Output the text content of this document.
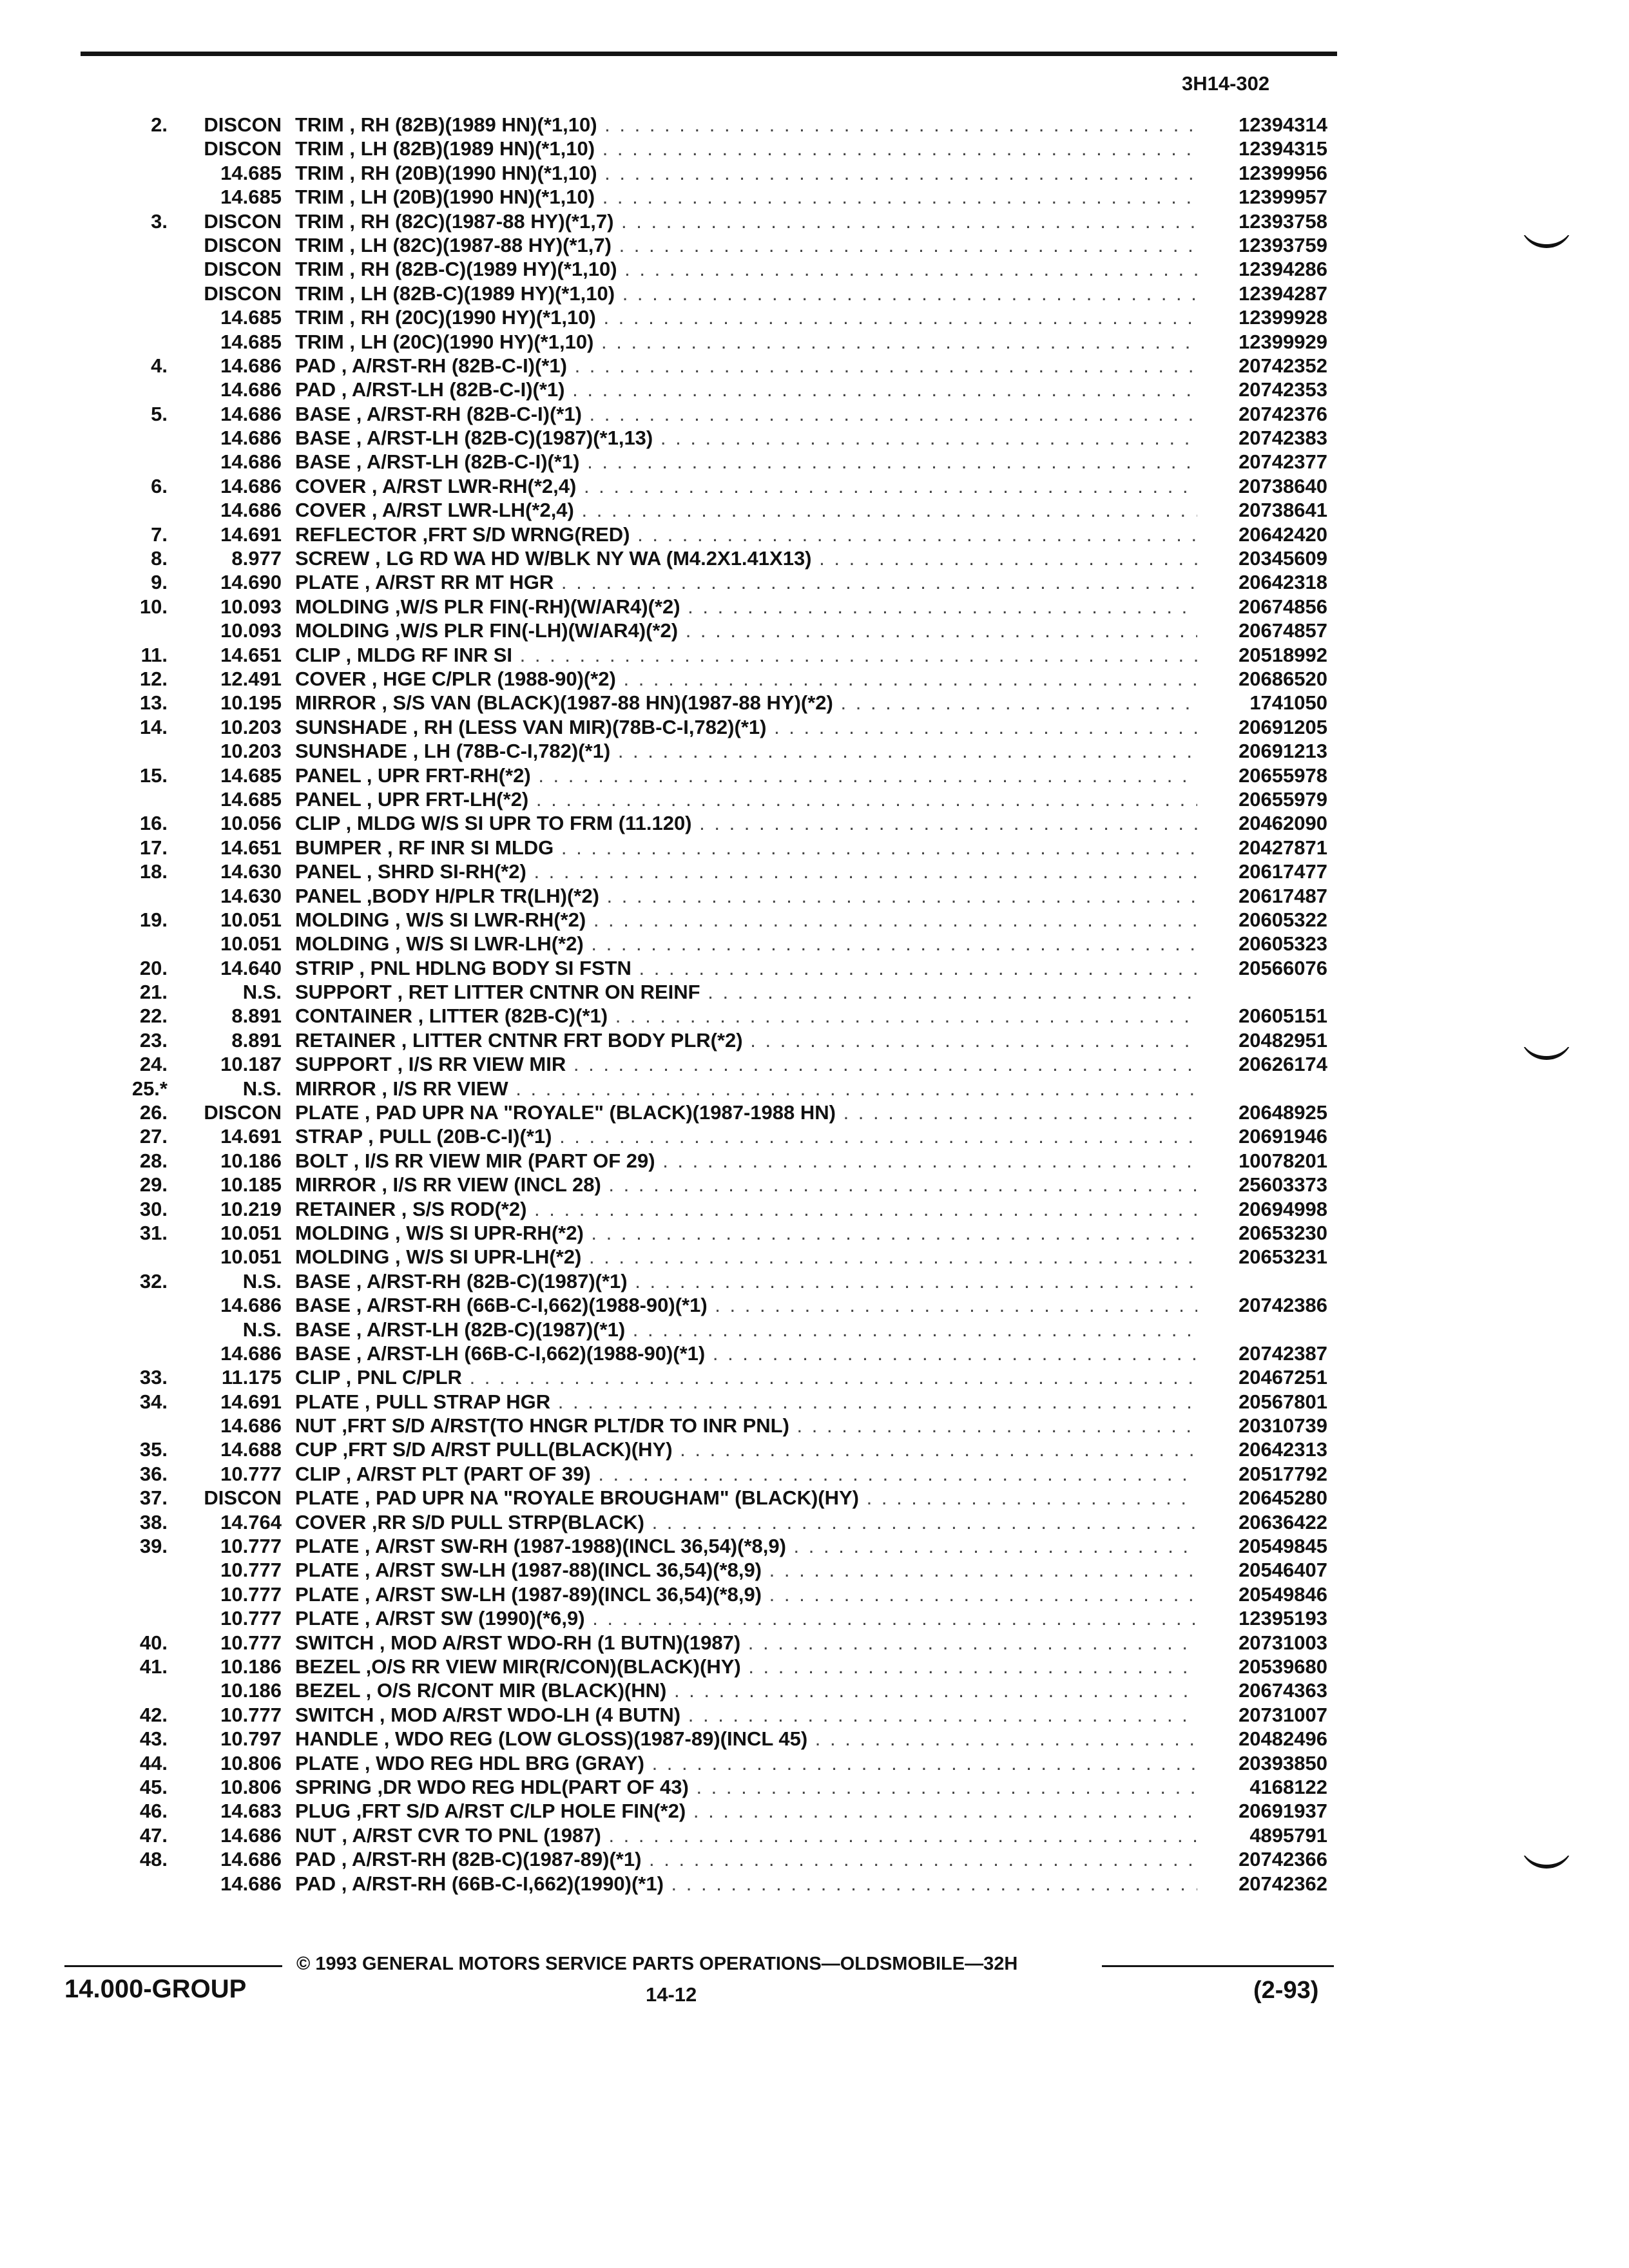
3H14-302
2.	DISCON TRIM , RH (82B)(1989 HN)(*1,10) . . .	12394314
DISCON TRIM , LH (82B)(1989 HN)(*1,10) . . .	12394315
14.685 TRIM , RH (20B)(1990 HN)(*1,10) . . .	12399956
14.685 TRIM , LH (20B)(1990 HN)(*1,10) . . .	12399957
3.	DISCON TRIM , RH (82C)(1987-88 HY)(*1,7) . . .	12393758
DISCON TRIM , LH (82C)(1987-88 HY)(*1,7) . . .	12393759
DISCON TRIM , RH (82B-C)(1989 HY)(*1,10) . . .	12394286
DISCON TRIM , LH (82B-C)(1989 HY)(*1,10) . . .	12394287
14.685 TRIM , RH (20C)(1990 HY)(*1,10) . . .	12399928
14.685 TRIM , LH (20C)(1990 HY)(*1,10) . . .	12399929
4.	14.686 PAD , A/RST-RH (82B-C-I)(*1) . . .	20742352
14.686 PAD , A/RST-LH (82B-C-I)(*1) . . .	20742353
5.	14.686 BASE , A/RST-RH (82B-C-I)(*1) . . .	20742376
14.686 BASE , A/RST-LH (82B-C)(1987)(*1,13) . . .	20742383
14.686 BASE , A/RST-LH (82B-C-I)(*1) . . .	20742377
6.	14.686 COVER , A/RST LWR-RH(*2,4) . . .	20738640
14.686 COVER , A/RST LWR-LH(*2,4) . . .	20738641
7.	14.691 REFLECTOR ,FRT S/D WRNG(RED) . . .	20642420
8.	8.977 SCREW , LG RD WA HD W/BLK NY WA (M4.2X1.41X13) . . .	20345609
9.	14.690 PLATE , A/RST RR MT HGR . . .	20642318
10.	10.093 MOLDING ,W/S PLR FIN(-RH)(W/AR4)(*2) . . .	20674856
10.093 MOLDING ,W/S PLR FIN(-LH)(W/AR4)(*2) . . .	20674857
11.	14.651 CLIP , MLDG RF INR SI . . .	20518992
12.	12.491 COVER , HGE C/PLR (1988-90)(*2) . . .	20686520
13.	10.195 MIRROR , S/S VAN (BLACK)(1987-88 HN)(1987-88 HY)(*2) . . .	1741050
14.	10.203 SUNSHADE , RH (LESS VAN MIR)(78B-C-I,782)(*1) . . .	20691205
10.203 SUNSHADE , LH (78B-C-I,782)(*1) . . .	20691213
15.	14.685 PANEL , UPR FRT-RH(*2) . . .	20655978
14.685 PANEL , UPR FRT-LH(*2) . . .	20655979
16.	10.056 CLIP , MLDG W/S SI UPR TO FRM (11.120) . . .	20462090
17.	14.651 BUMPER , RF INR SI MLDG . . .	20427871
18.	14.630 PANEL , SHRD SI-RH(*2) . . .	20617477
14.630 PANEL ,BODY H/PLR TR(LH)(*2) . . .	20617487
19.	10.051 MOLDING , W/S SI LWR-RH(*2) . . .	20605322
10.051 MOLDING , W/S SI LWR-LH(*2) . . .	20605323
20.	14.640 STRIP , PNL HDLNG BODY SI FSTN . . .	20566076
21.	N.S. SUPPORT , RET LITTER CNTNR ON REINF . . .
22.	8.891 CONTAINER , LITTER (82B-C)(*1) . . .	20605151
23.	8.891 RETAINER , LITTER CNTNR FRT BODY PLR(*2) . . .	20482951
24.	10.187 SUPPORT , I/S RR VIEW MIR . . .	20626174
25.*	N.S. MIRROR , I/S RR VIEW . . .
26.	DISCON PLATE , PAD UPR NA "ROYALE" (BLACK)(1987-1988 HN) . . .	20648925
27.	14.691 STRAP , PULL (20B-C-I)(*1) . . .	20691946
28.	10.186 BOLT , I/S RR VIEW MIR (PART OF 29) . . .	10078201
29.	10.185 MIRROR , I/S RR VIEW (INCL 28) . . .	25603373
30.	10.219 RETAINER , S/S ROD(*2) . . .	20694998
31.	10.051 MOLDING , W/S SI UPR-RH(*2) . . .	20653230
10.051 MOLDING , W/S SI UPR-LH(*2) . . .	20653231
32.	N.S. BASE , A/RST-RH (82B-C)(1987)(*1) . . .
14.686 BASE , A/RST-RH (66B-C-I,662)(1988-90)(*1) . . .	20742386
N.S. BASE , A/RST-LH (82B-C)(1987)(*1) . . .
14.686 BASE , A/RST-LH (66B-C-I,662)(1988-90)(*1) . . .	20742387
33.	11.175 CLIP , PNL C/PLR . . .	20467251
34.	14.691 PLATE , PULL STRAP HGR . . .	20567801
14.686 NUT ,FRT S/D A/RST(TO HNGR PLT/DR TO INR PNL) . . .	20310739
35.	14.688 CUP ,FRT S/D A/RST PULL(BLACK)(HY) . . .	20642313
36.	10.777 CLIP , A/RST PLT (PART OF 39) . . .	20517792
37.	DISCON PLATE , PAD UPR NA "ROYALE BROUGHAM" (BLACK)(HY) . . .	20645280
38.	14.764 COVER ,RR S/D PULL STRP(BLACK) . . .	20636422
39.	10.777 PLATE , A/RST SW-RH (1987-1988)(INCL 36,54)(*8,9) . . .	20549845
10.777 PLATE , A/RST SW-LH (1987-88)(INCL 36,54)(*8,9) . . .	20546407
10.777 PLATE , A/RST SW-LH (1987-89)(INCL 36,54)(*8,9) . . .	20549846
10.777 PLATE , A/RST SW (1990)(*6,9) . . .	12395193
40.	10.777 SWITCH , MOD A/RST WDO-RH (1 BUTN)(1987) . . .	20731003
41.	10.186 BEZEL ,O/S RR VIEW MIR(R/CON)(BLACK)(HY) . . .	20539680
10.186 BEZEL , O/S R/CONT MIR (BLACK)(HN) . . .	20674363
42.	10.777 SWITCH , MOD A/RST WDO-LH (4 BUTN) . . .	20731007
43.	10.797 HANDLE , WDO REG (LOW GLOSS)(1987-89)(INCL 45) . . .	20482496
44.	10.806 PLATE , WDO REG HDL BRG (GRAY) . . .	20393850
45.	10.806 SPRING ,DR WDO REG HDL(PART OF 43) . . .	4168122
46.	14.683 PLUG ,FRT S/D A/RST C/LP HOLE FIN(*2) . . .	20691937
47.	14.686 NUT , A/RST CVR TO PNL (1987) . . .	4895791
48.	14.686 PAD , A/RST-RH (82B-C)(1987-89)(*1) . . .	20742366
14.686 PAD , A/RST-RH (66B-C-I,662)(1990)(*1) . . .	20742362
© 1993 GENERAL MOTORS SERVICE PARTS OPERATIONS—OLDSMOBILE—32H
14.000-GROUP	14-12	(2-93)
